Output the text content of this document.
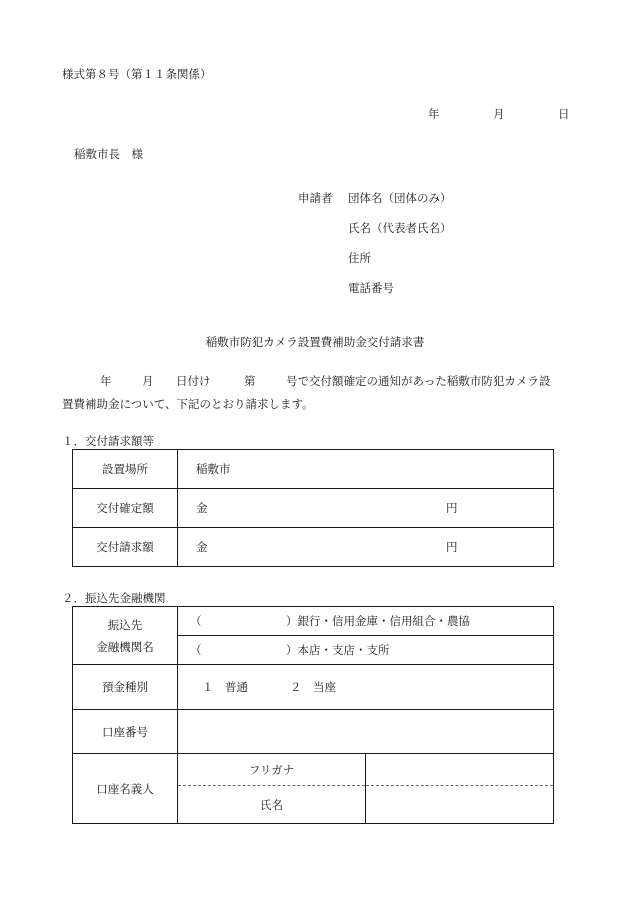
様式第８号（第１１条関係）
年	月	日
稲敷市長　様
申請者 団体名（団体のみ）
氏名（代表者氏名）
住所
電話番号
稲敷市防犯カメラ設置費補助金交付請求書
年	月 日付け	第	号で交付額確定の通知があった稲敷市防犯カメラ設
置費補助金について、下記のとおり請求します。
１．交付請求額等
設置場所	稲敷市
交付確定額	金 円

交付請求額	金 円
２．振込先金融機関
振込先
金融機関名	（ ）銀行・信用金庫・信用組合・農協	

	（ ）本店・支店・支所	

預金種別	１　普通 ２　当座	

口座番号		
口座名義人	フリガナ	
	氏名	
